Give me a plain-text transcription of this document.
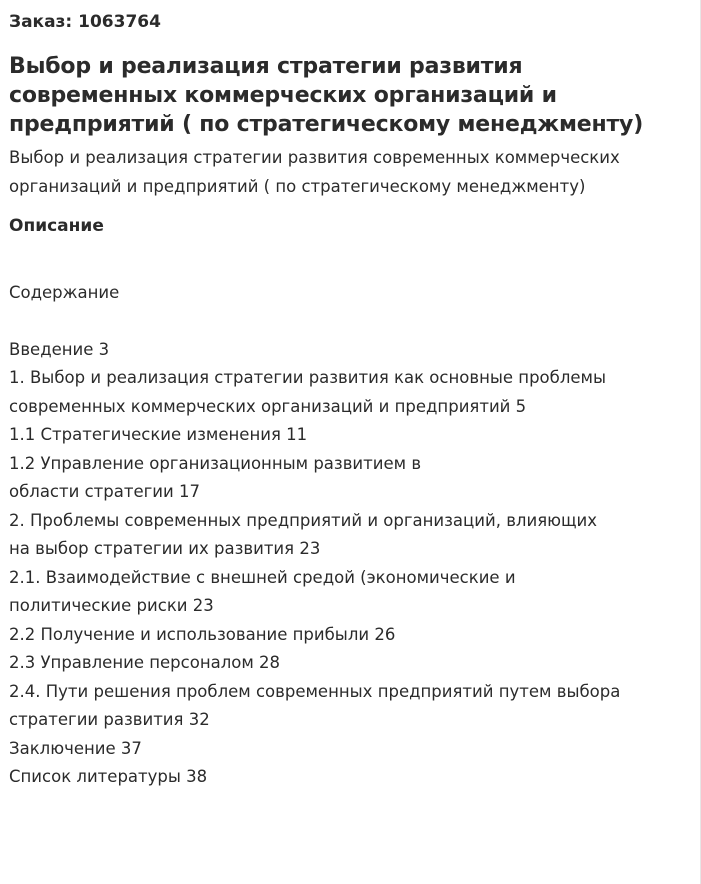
Заказ: 1063764
Выбор и реализация стратегии развития современных коммерческих организаций и предприятий ( по стратегическому менеджменту)
Выбор и реализация стратегии развития современных коммерческих организаций и предприятий ( по стратегическому менеджменту)
Описание
Содержание
Введение 3
1. Выбор и реализация стратегии развития как основные проблемы
современных коммерческих организаций и предприятий 5
1.1 Стратегические изменения 11
1.2 Управление организационным развитием в
области стратегии 17
2. Проблемы современных предприятий и организаций, влияющих
на выбор стратегии их развития 23
2.1. Взаимодействие с внешней средой (экономические и
политические риски 23
2.2 Получение и использование прибыли 26
2.3 Управление персоналом 28
2.4. Пути решения проблем современных предприятий путем выбора
стратегии развития 32
Заключение 37
Список литературы 38
